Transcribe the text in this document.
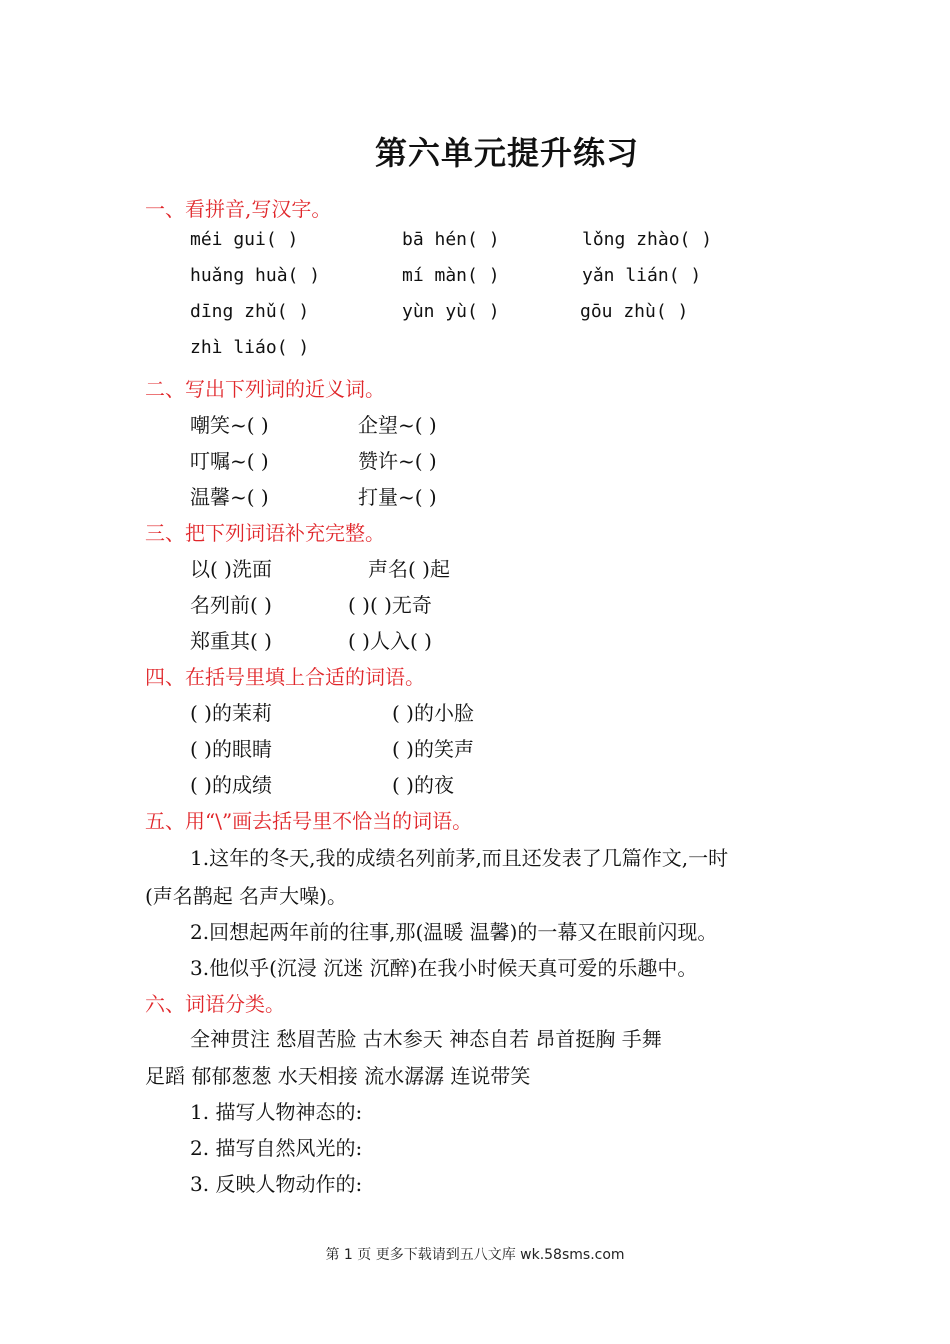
第六单元提升练习
一、看拼音,写汉字。
méi gui( )	bā hén( )	lǒng zhào( )
huǎng huà( )	mí màn( )	yǎn lián( )
dīng zhǔ( )	yùn yù( )	gōu zhù( )
zhì liáo( )
二、写出下列词的近义词。
嘲笑~( )	企望~( )
叮嘱~( )	赞许~( )
温馨~( )	打量~( )
三、把下列词语补充完整。
以( )洗面	声名( )起
名列前( )	( )( )无奇
郑重其( )	( )人入( )
四、在括号里填上合适的词语。
( )的茉莉	( )的小脸
( )的眼睛	( )的笑声
( )的成绩	( )的夜
五、用“\”画去括号里不恰当的词语。
1.这年的冬天,我的成绩名列前茅,而且还发表了几篇作文,一时
(声名鹊起 名声大噪)。
2.回想起两年前的往事,那(温暖 温馨)的一幕又在眼前闪现。
3.他似乎(沉浸 沉迷 沉醉)在我小时候天真可爱的乐趣中。
六、词语分类。
全神贯注 愁眉苦脸 古木参天 神态自若 昂首挺胸 手舞
足蹈 郁郁葱葱 水天相接 流水潺潺 连说带笑
1. 描写人物神态的:
2. 描写自然风光的:
3. 反映人物动作的:
第 1 页 更多下载请到五八文库 wk.58sms.com
